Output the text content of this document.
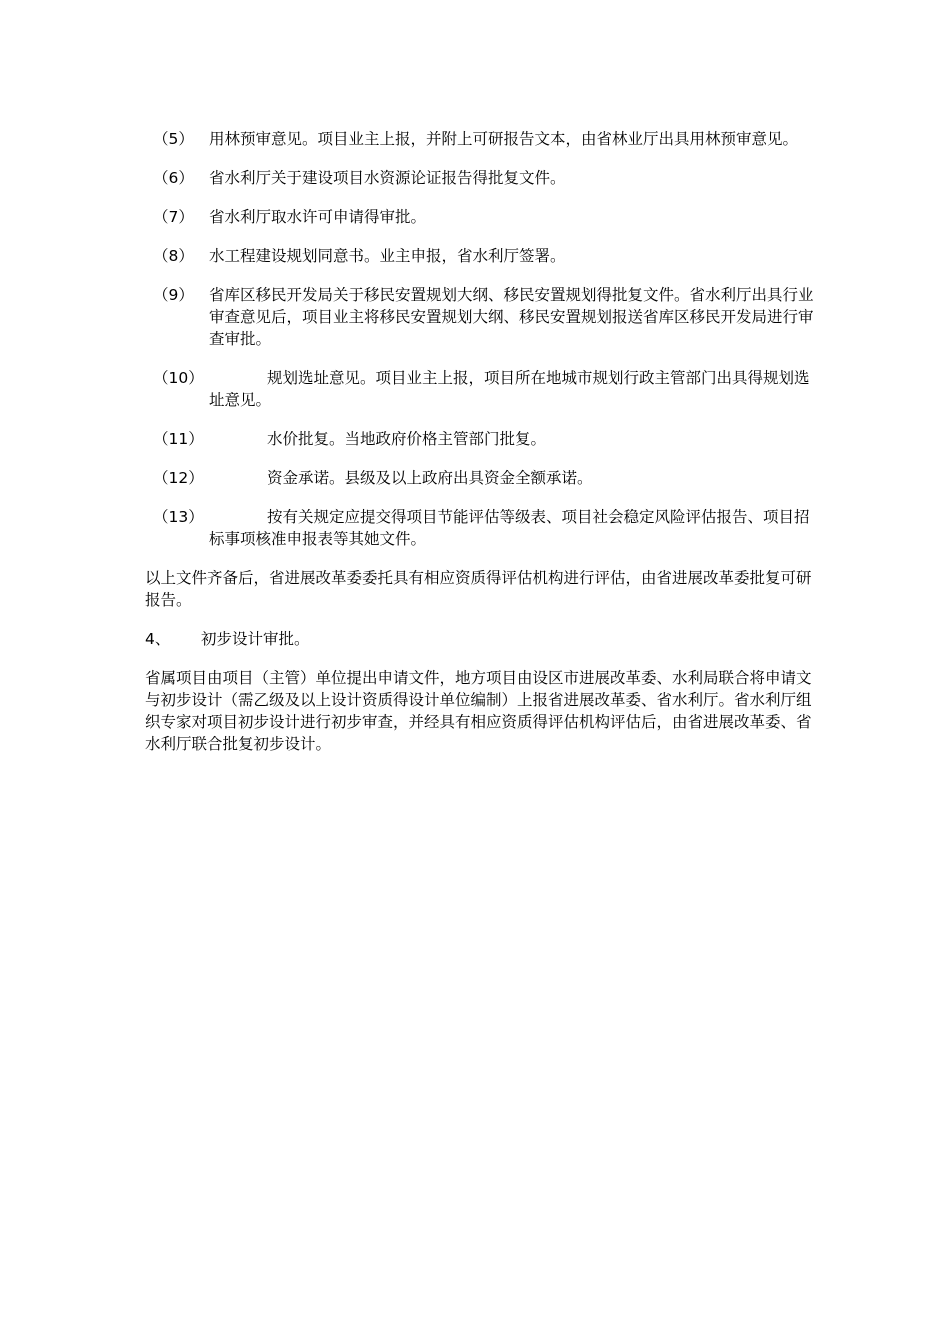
（5） 用林预审意见。项目业主上报，并附上可研报告文本，由省林业厅出具用林预审意见。
（6） 省水利厅关于建设项目水资源论证报告得批复文件。
（7） 省水利厅取水许可申请得审批。
（8） 水工程建设规划同意书。业主申报，省水利厅签署。
（9） 省库区移民开发局关于移民安置规划大纲、移民安置规划得批复文件。省水利厅出具行业审查意见后，项目业主将移民安置规划大纲、移民安置规划报送省库区移民开发局进行审查审批。
（10）	规划选址意见。项目业主上报，项目所在地城市规划行政主管部门出具得规划选址意见。
（11）	水价批复。当地政府价格主管部门批复。
（12）	资金承诺。县级及以上政府出具资金全额承诺。
（13）	按有关规定应提交得项目节能评估等级表、项目社会稳定风险评估报告、项目招标事项核准申报表等其她文件。
以上文件齐备后，省进展改革委委托具有相应资质得评估机构进行评估，由省进展改革委批复可研报告。
4、	初步设计审批。
省属项目由项目（主管）单位提出申请文件，地方项目由设区市进展改革委、水利局联合将申请文与初步设计（需乙级及以上设计资质得设计单位编制）上报省进展改革委、省水利厅。省水利厅组织专家对项目初步设计进行初步审查，并经具有相应资质得评估机构评估后，由省进展改革委、省水利厅联合批复初步设计。
